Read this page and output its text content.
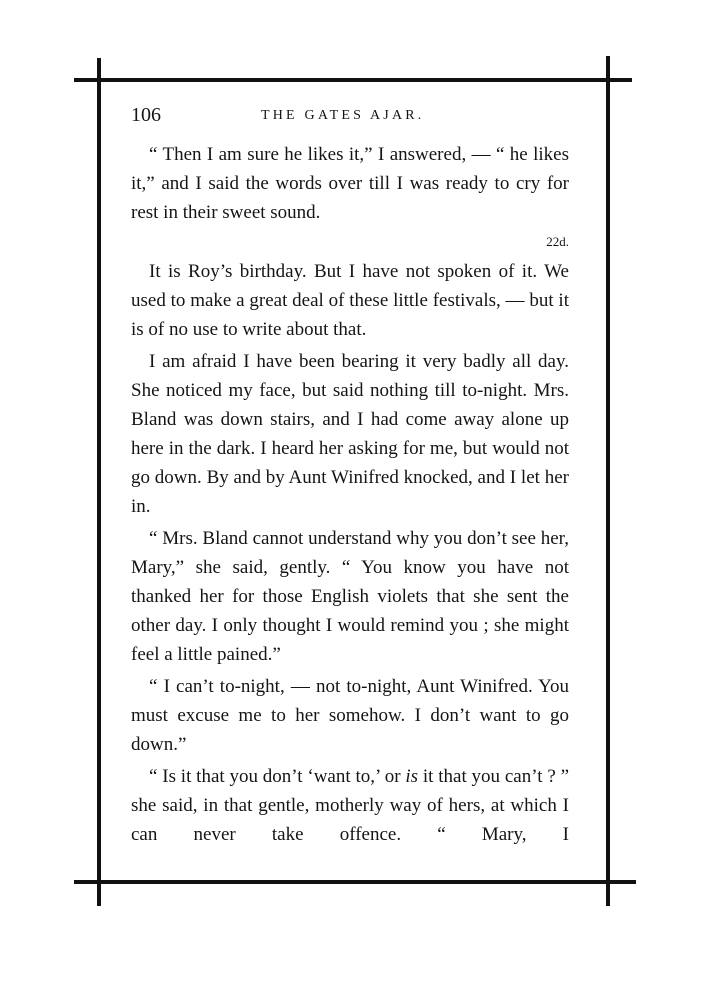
106	THE GATES AJAR.

“ Then I am sure he likes it,” I answered, — “ he likes it,” and I said the words over till I was ready to cry for rest in their sweet sound.

22d.

It is Roy’s birthday. But I have not spoken of it. We used to make a great deal of these little festivals, — but it is of no use to write about that.

I am afraid I have been bearing it very badly all day. She noticed my face, but said nothing till to-night. Mrs. Bland was down stairs, and I had come away alone up here in the dark. I heard her asking for me, but would not go down. By and by Aunt Winifred knocked, and I let her in.

“ Mrs. Bland cannot understand why you don’t see her, Mary,” she said, gently. “ You know you have not thanked her for those English violets that she sent the other day. I only thought I would remind you ; she might feel a little pained.”

“ I can’t to-night, — not to-night, Aunt Winifred. You must excuse me to her somehow. I don’t want to go down.”

“ Is it that you don’t ‘want to,’ or is it that you can’t ? ” she said, in that gentle, motherly way of hers, at which I can never take offence. “ Mary, I
